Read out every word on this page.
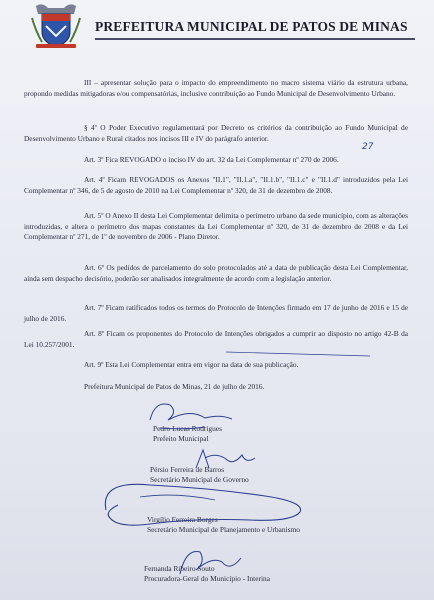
PREFEITURA MUNICIPAL DE PATOS DE MINAS
III – apresentar solução para o impacto do empreendimento no macro sistema viário da estrutura urbana, propondo medidas mitigadoras e/ou compensatórias, inclusive contribuição ao Fundo Municipal de Desenvolvimento Urbano.
§ 4º O Poder Executivo regulamentará por Decreto os critérios da contribuição ao Fundo Municipal de Desenvolvimento Urbano e Rural citados nos incisos III e IV do parágrafo anterior.
Art. 3º Fica REVOGADO o inciso IV do art. 32 da Lei Complementar nº 270 de 2006.
Art. 4º Ficam REVOGADOS os Anexos "II.1", "II.1.a", "II.1.b", "II.1.c" e "II.1.d" introduzidos pela Lei Complementar nº 346, de 5 de agosto de 2010 na Lei Complementar nº 320, de 31 de dezembro de 2008.
Art. 5º O Anexo II desta Lei Complementar delimita o perímetro urbano da sede município, com as alterações introduzidas, e altera o perímetro dos mapas constantes da Lei Complementar nº 320, de 31 de dezembro de 2008 e da Lei Complementar nº 271, de 1º de novembro de 2006 - Plano Diretor.
Art. 6º Os pedidos de parcelamento do solo protocolados até a data de publicação desta Lei Complementar, ainda sem despacho decisório, poderão ser analisados integralmente de acordo com a legislação anterior.
Art. 7º Ficam ratificados todos os termos do Protocolo de Intenções firmado em 17 de junho de 2016 e 15 de julho de 2016.
Art. 8º Ficam os proponentes do Protocolo de Intenções obrigados a cumprir ao disposto no artigo 42-B da Lei 10.257/2001.
Art. 9º Esta Lei Complementar entra em vigor na data de sua publicação.
Prefeitura Municipal de Patos de Minas, 21 de julho de 2016.
Pedro Lucas Rodrigues
Prefeito Municipal
Pérsio Ferreira de Barros
Secretário Municipal de Governo
Virgílio Ferreira Borges
Secretário Municipal de Planejamento e Urbanismo
Fernanda Ribeiro Souto
Procuradora-Geral do Município - Interina
27
